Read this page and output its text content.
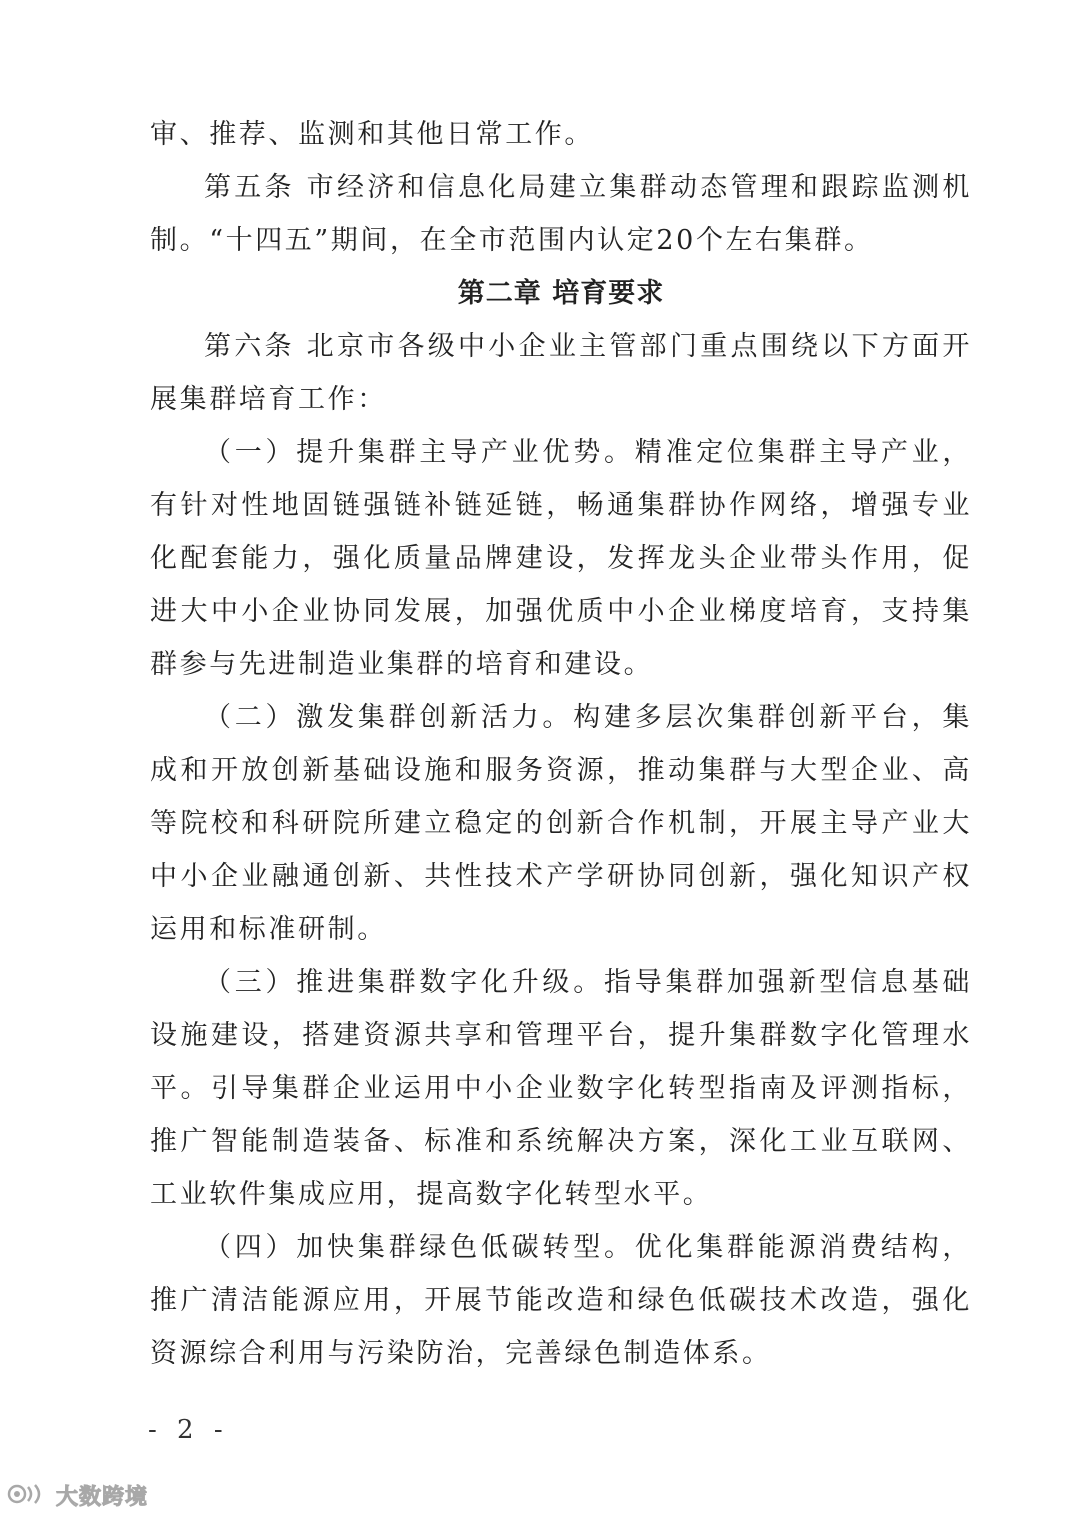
审、推荐、监测和其他日常工作。

第五条 市经济和信息化局建立集群动态管理和跟踪监测机制。“十四五”期间，在全市范围内认定20个左右集群。

第二章 培育要求

第六条 北京市各级中小企业主管部门重点围绕以下方面开展集群培育工作：

（一）提升集群主导产业优势。精准定位集群主导产业，有针对性地固链强链补链延链，畅通集群协作网络，增强专业化配套能力，强化质量品牌建设，发挥龙头企业带头作用，促进大中小企业协同发展，加强优质中小企业梯度培育，支持集群参与先进制造业集群的培育和建设。

（二）激发集群创新活力。构建多层次集群创新平台，集成和开放创新基础设施和服务资源，推动集群与大型企业、高等院校和科研院所建立稳定的创新合作机制，开展主导产业大中小企业融通创新、共性技术产学研协同创新，强化知识产权运用和标准研制。

（三）推进集群数字化升级。指导集群加强新型信息基础设施建设，搭建资源共享和管理平台，提升集群数字化管理水平。引导集群企业运用中小企业数字化转型指南及评测指标，推广智能制造装备、标准和系统解决方案，深化工业互联网、工业软件集成应用，提高数字化转型水平。

（四）加快集群绿色低碳转型。优化集群能源消费结构，推广清洁能源应用，开展节能改造和绿色低碳技术改造，强化资源综合利用与污染防治，完善绿色制造体系。

- 2 -
大数跨境
